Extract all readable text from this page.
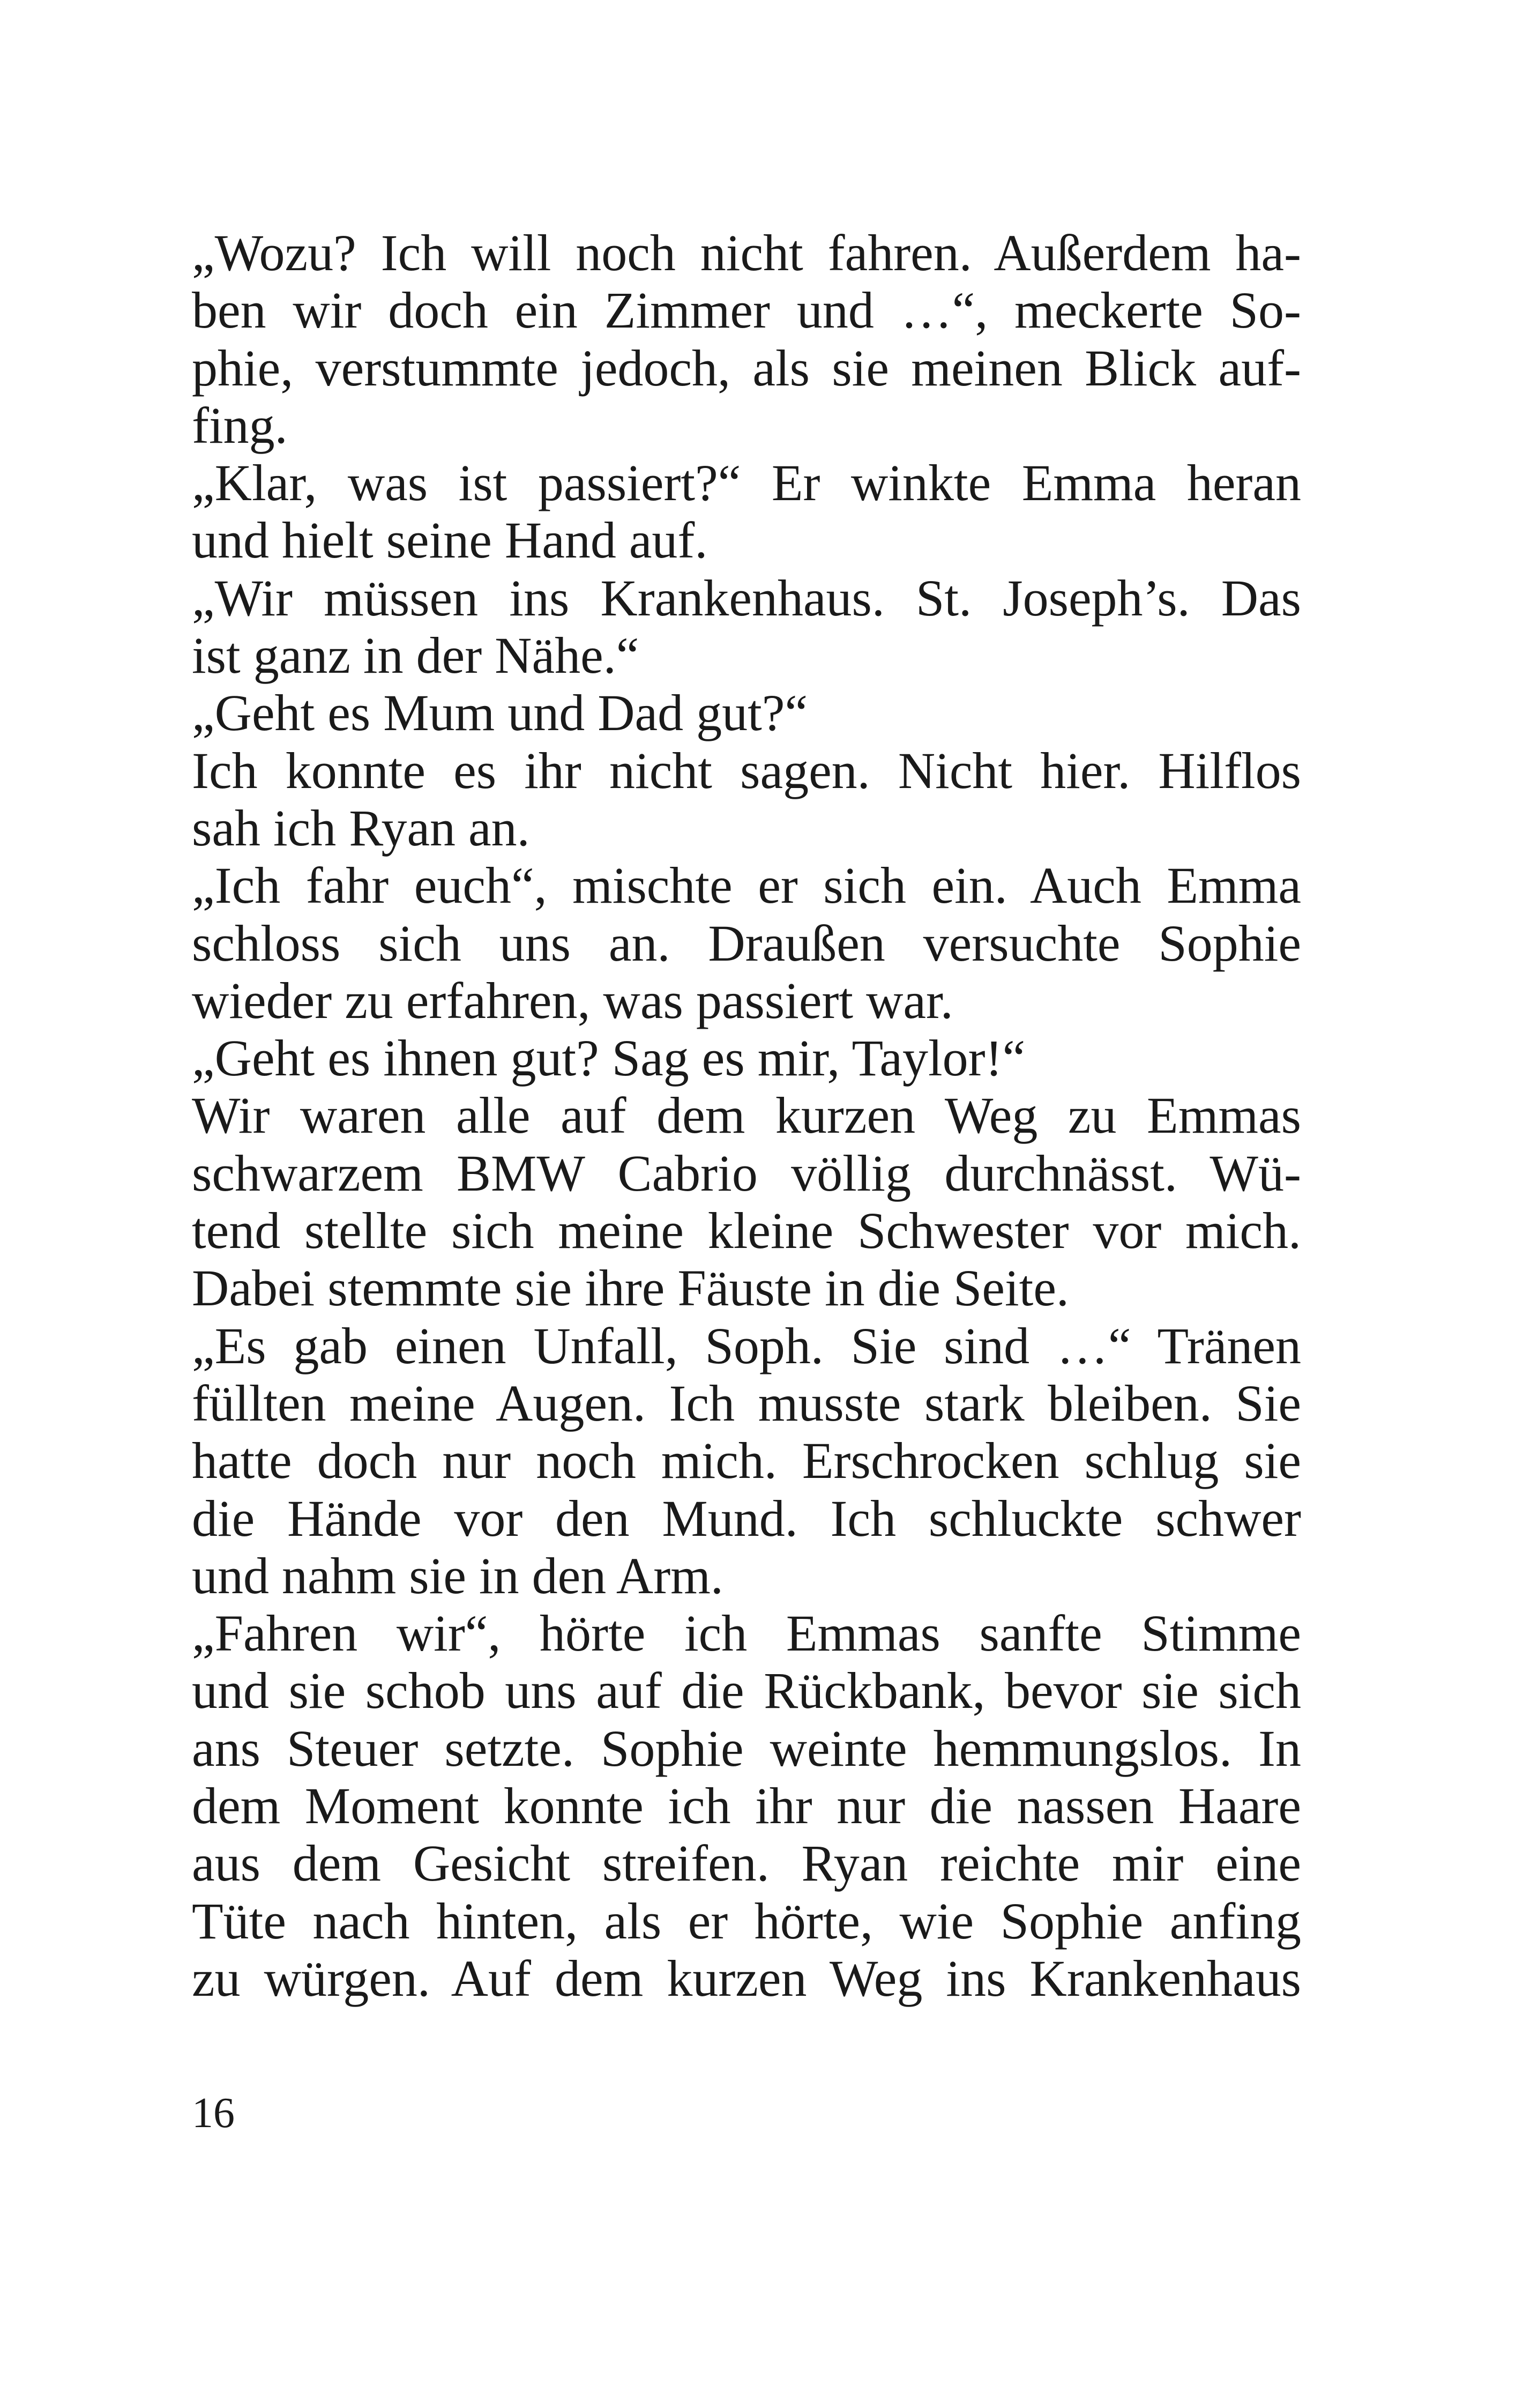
„Wozu? Ich will noch nicht fahren. Außerdem ha-
ben wir doch ein Zimmer und …“, meckerte So-
phie, verstummte jedoch, als sie meinen Blick auf-
fing.
„Klar, was ist passiert?“ Er winkte Emma heran
und hielt seine Hand auf.
„Wir müssen ins Krankenhaus. St. Joseph’s. Das
ist ganz in der Nähe.“
„Geht es Mum und Dad gut?“
Ich konnte es ihr nicht sagen. Nicht hier. Hilflos
sah ich Ryan an.
„Ich fahr euch“, mischte er sich ein. Auch Emma
schloss sich uns an. Draußen versuchte Sophie
wieder zu erfahren, was passiert war.
„Geht es ihnen gut? Sag es mir, Taylor!“
Wir waren alle auf dem kurzen Weg zu Emmas
schwarzem BMW Cabrio völlig durchnässt. Wü-
tend stellte sich meine kleine Schwester vor mich.
Dabei stemmte sie ihre Fäuste in die Seite.
„Es gab einen Unfall, Soph. Sie sind …“ Tränen
füllten meine Augen. Ich musste stark bleiben. Sie
hatte doch nur noch mich. Erschrocken schlug sie
die Hände vor den Mund. Ich schluckte schwer
und nahm sie in den Arm.
„Fahren wir“, hörte ich Emmas sanfte Stimme
und sie schob uns auf die Rückbank, bevor sie sich
ans Steuer setzte. Sophie weinte hemmungslos. In
dem Moment konnte ich ihr nur die nassen Haare
aus dem Gesicht streifen. Ryan reichte mir eine
Tüte nach hinten, als er hörte, wie Sophie anfing
zu würgen. Auf dem kurzen Weg ins Krankenhaus

16
